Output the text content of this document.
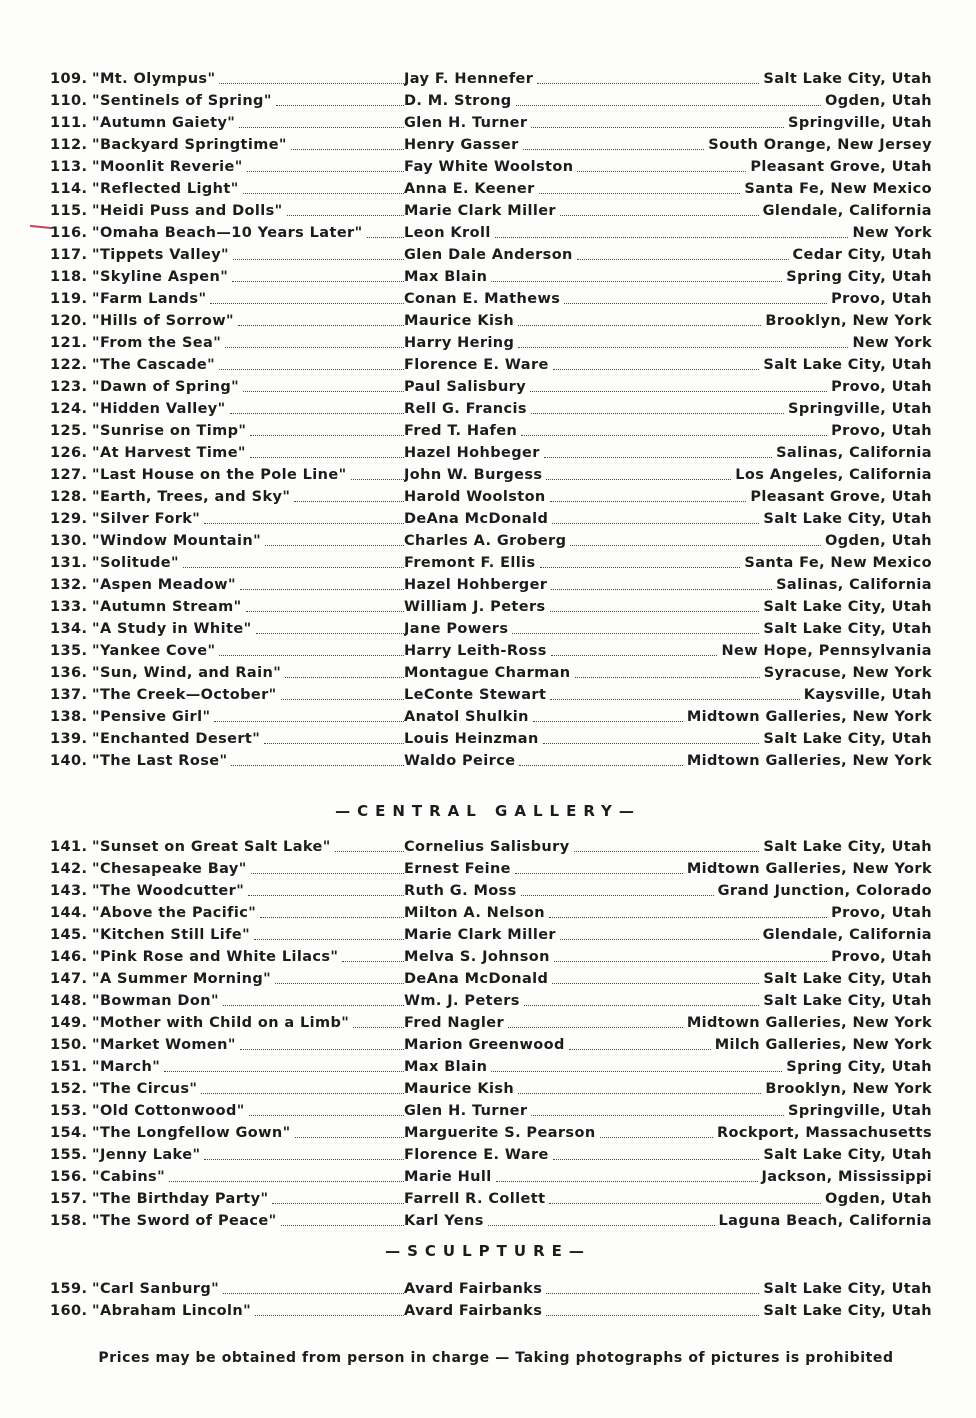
109. "Mt. Olympus"	Jay F. Hennefer	Salt Lake City, Utah
110. "Sentinels of Spring"	D. M. Strong	Ogden, Utah
111. "Autumn Gaiety"	Glen H. Turner	Springville, Utah
112. "Backyard Springtime"	Henry Gasser	South Orange, New Jersey
113. "Moonlit Reverie"	Fay White Woolston	Pleasant Grove, Utah
114. "Reflected Light"	Anna E. Keener	Santa Fe, New Mexico
115. "Heidi Puss and Dolls"	Marie Clark Miller	Glendale, California
116. "Omaha Beach—10 Years Later"	Leon Kroll	New York
117. "Tippets Valley"	Glen Dale Anderson	Cedar City, Utah
118. "Skyline Aspen"	Max Blain	Spring City, Utah
119. "Farm Lands"	Conan E. Mathews	Provo, Utah
120. "Hills of Sorrow"	Maurice Kish	Brooklyn, New York
121. "From the Sea"	Harry Hering	New York
122. "The Cascade"	Florence E. Ware	Salt Lake City, Utah
123. "Dawn of Spring"	Paul Salisbury	Provo, Utah
124. "Hidden Valley"	Rell G. Francis	Springville, Utah
125. "Sunrise on Timp"	Fred T. Hafen	Provo, Utah
126. "At Harvest Time"	Hazel Hohbeger	Salinas, California
127. "Last House on the Pole Line"	John W. Burgess	Los Angeles, California
128. "Earth, Trees, and Sky"	Harold Woolston	Pleasant Grove, Utah
129. "Silver Fork"	DeAna McDonald	Salt Lake City, Utah
130. "Window Mountain"	Charles A. Groberg	Ogden, Utah
131. "Solitude"	Fremont F. Ellis	Santa Fe, New Mexico
132. "Aspen Meadow"	Hazel Hohberger	Salinas, California
133. "Autumn Stream"	William J. Peters	Salt Lake City, Utah
134. "A Study in White"	Jane Powers	Salt Lake City, Utah
135. "Yankee Cove"	Harry Leith-Ross	New Hope, Pennsylvania
136. "Sun, Wind, and Rain"	Montague Charman	Syracuse, New York
137. "The Creek—October"	LeConte Stewart	Kaysville, Utah
138. "Pensive Girl"	Anatol Shulkin	Midtown Galleries, New York
139. "Enchanted Desert"	Louis Heinzman	Salt Lake City, Utah
140. "The Last Rose"	Waldo Peirce	Midtown Galleries, New York
—CENTRAL GALLERY—
141. "Sunset on Great Salt Lake"	Cornelius Salisbury	Salt Lake City, Utah
142. "Chesapeake Bay"	Ernest Feine	Midtown Galleries, New York
143. "The Woodcutter"	Ruth G. Moss	Grand Junction, Colorado
144. "Above the Pacific"	Milton A. Nelson	Provo, Utah
145. "Kitchen Still Life"	Marie Clark Miller	Glendale, California
146. "Pink Rose and White Lilacs"	Melva S. Johnson	Provo, Utah
147. "A Summer Morning"	DeAna McDonald	Salt Lake City, Utah
148. "Bowman Don"	Wm. J. Peters	Salt Lake City, Utah
149. "Mother with Child on a Limb"	Fred Nagler	Midtown Galleries, New York
150. "Market Women"	Marion Greenwood	Milch Galleries, New York
151. "March"	Max Blain	Spring City, Utah
152. "The Circus"	Maurice Kish	Brooklyn, New York
153. "Old Cottonwood"	Glen H. Turner	Springville, Utah
154. "The Longfellow Gown"	Marguerite S. Pearson	Rockport, Massachusetts
155. "Jenny Lake"	Florence E. Ware	Salt Lake City, Utah
156. "Cabins"	Marie Hull	Jackson, Mississippi
157. "The Birthday Party"	Farrell R. Collett	Ogden, Utah
158. "The Sword of Peace"	Karl Yens	Laguna Beach, California
—SCULPTURE—
159. "Carl Sanburg"	Avard Fairbanks	Salt Lake City, Utah
160. "Abraham Lincoln"	Avard Fairbanks	Salt Lake City, Utah
Prices may be obtained from person in charge — Taking photographs of pictures is prohibited
